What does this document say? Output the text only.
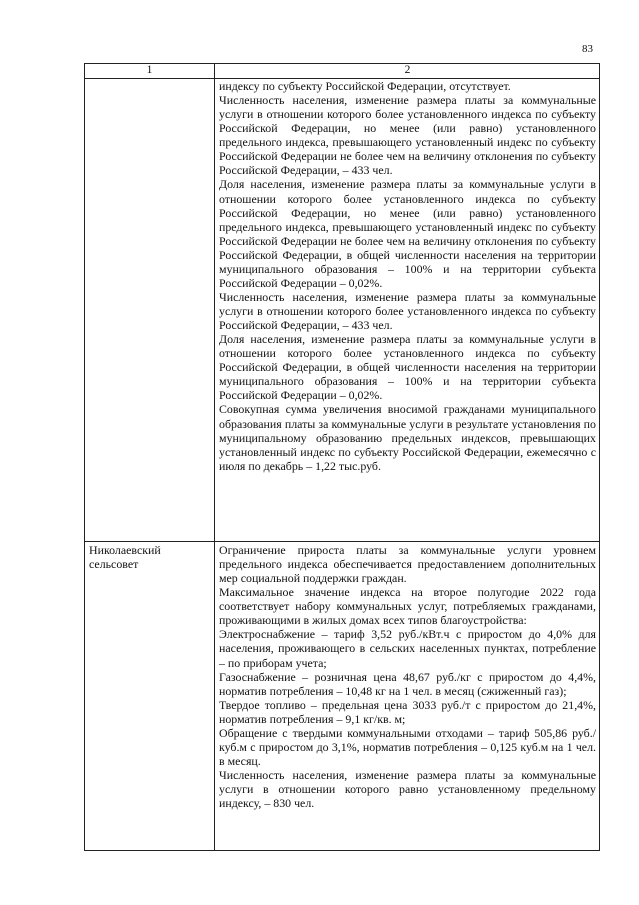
83
1	2

индексу по субъекту Российской Федерации, отсутствует.

Численность населения, изменение размера платы за коммунальные услуги в отношении которого более установленного индекса по субъекту Российской Федерации, но менее (или равно) установленного предельного индекса, превышающего установленный индекс по субъекту Российской Федерации не более чем на величину отклонения по субъекту Российской Федерации, – 433 чел.

Доля населения, изменение размера платы за коммунальные услуги в отношении которого более установленного индекса по субъекту Российской Федерации, но менее (или равно) установленного предельного индекса, превышающего установленный индекс по субъекту Российской Федерации не более чем на величину отклонения по субъекту Российской Федерации, в общей численности населения на территории муниципального образования – 100% и на территории субъекта Российской Федерации – 0,02%.

Численность населения, изменение размера платы за коммунальные услуги в отношении которого более установленного индекса по субъекту Российской Федерации, – 433 чел.

Доля населения, изменение размера платы за коммунальные услуги в отношении которого более установленного индекса по субъекту Российской Федерации, в общей численности населения на территории муниципального образования – 100% и на территории субъекта Российской Федерации – 0,02%.

Совокупная сумма увеличения вносимой гражданами муниципального образования платы за коммунальные услуги в результате установления по муниципальному образованию предельных индексов, превышающих установленный индекс по субъекту Российской Федерации, ежемесячно с июля по декабрь – 1,22 тыс.руб.

Николаевский сельсовет

Ограничение прироста платы за коммунальные услуги уровнем предельного индекса обеспечивается предоставлением дополнительных мер социальной поддержки граждан.

Максимальное значение индекса на второе полугодие 2022 года соответствует набору коммунальных услуг, потребляемых гражданами, проживающими в жилых домах всех типов благоустройства:

Электроснабжение – тариф 3,52 руб./кВт.ч с приростом до 4,0% для населения, проживающего в сельских населенных пунктах, потребление – по приборам учета;

Газоснабжение – розничная цена 48,67 руб./кг с приростом до 4,4%, норматив потребления – 10,48 кг на 1 чел. в месяц (сжиженный газ);

Твердое топливо – предельная цена 3033 руб./т с приростом до 21,4%, норматив потребления – 9,1 кг/кв. м;

Обращение с твердыми коммунальными отходами – тариф 505,86 руб./куб.м с приростом до 3,1%, норматив потребления – 0,125 куб.м на 1 чел. в месяц.

Численность населения, изменение размера платы за коммунальные услуги в отношении которого равно установленному предельному индексу, – 830 чел.
